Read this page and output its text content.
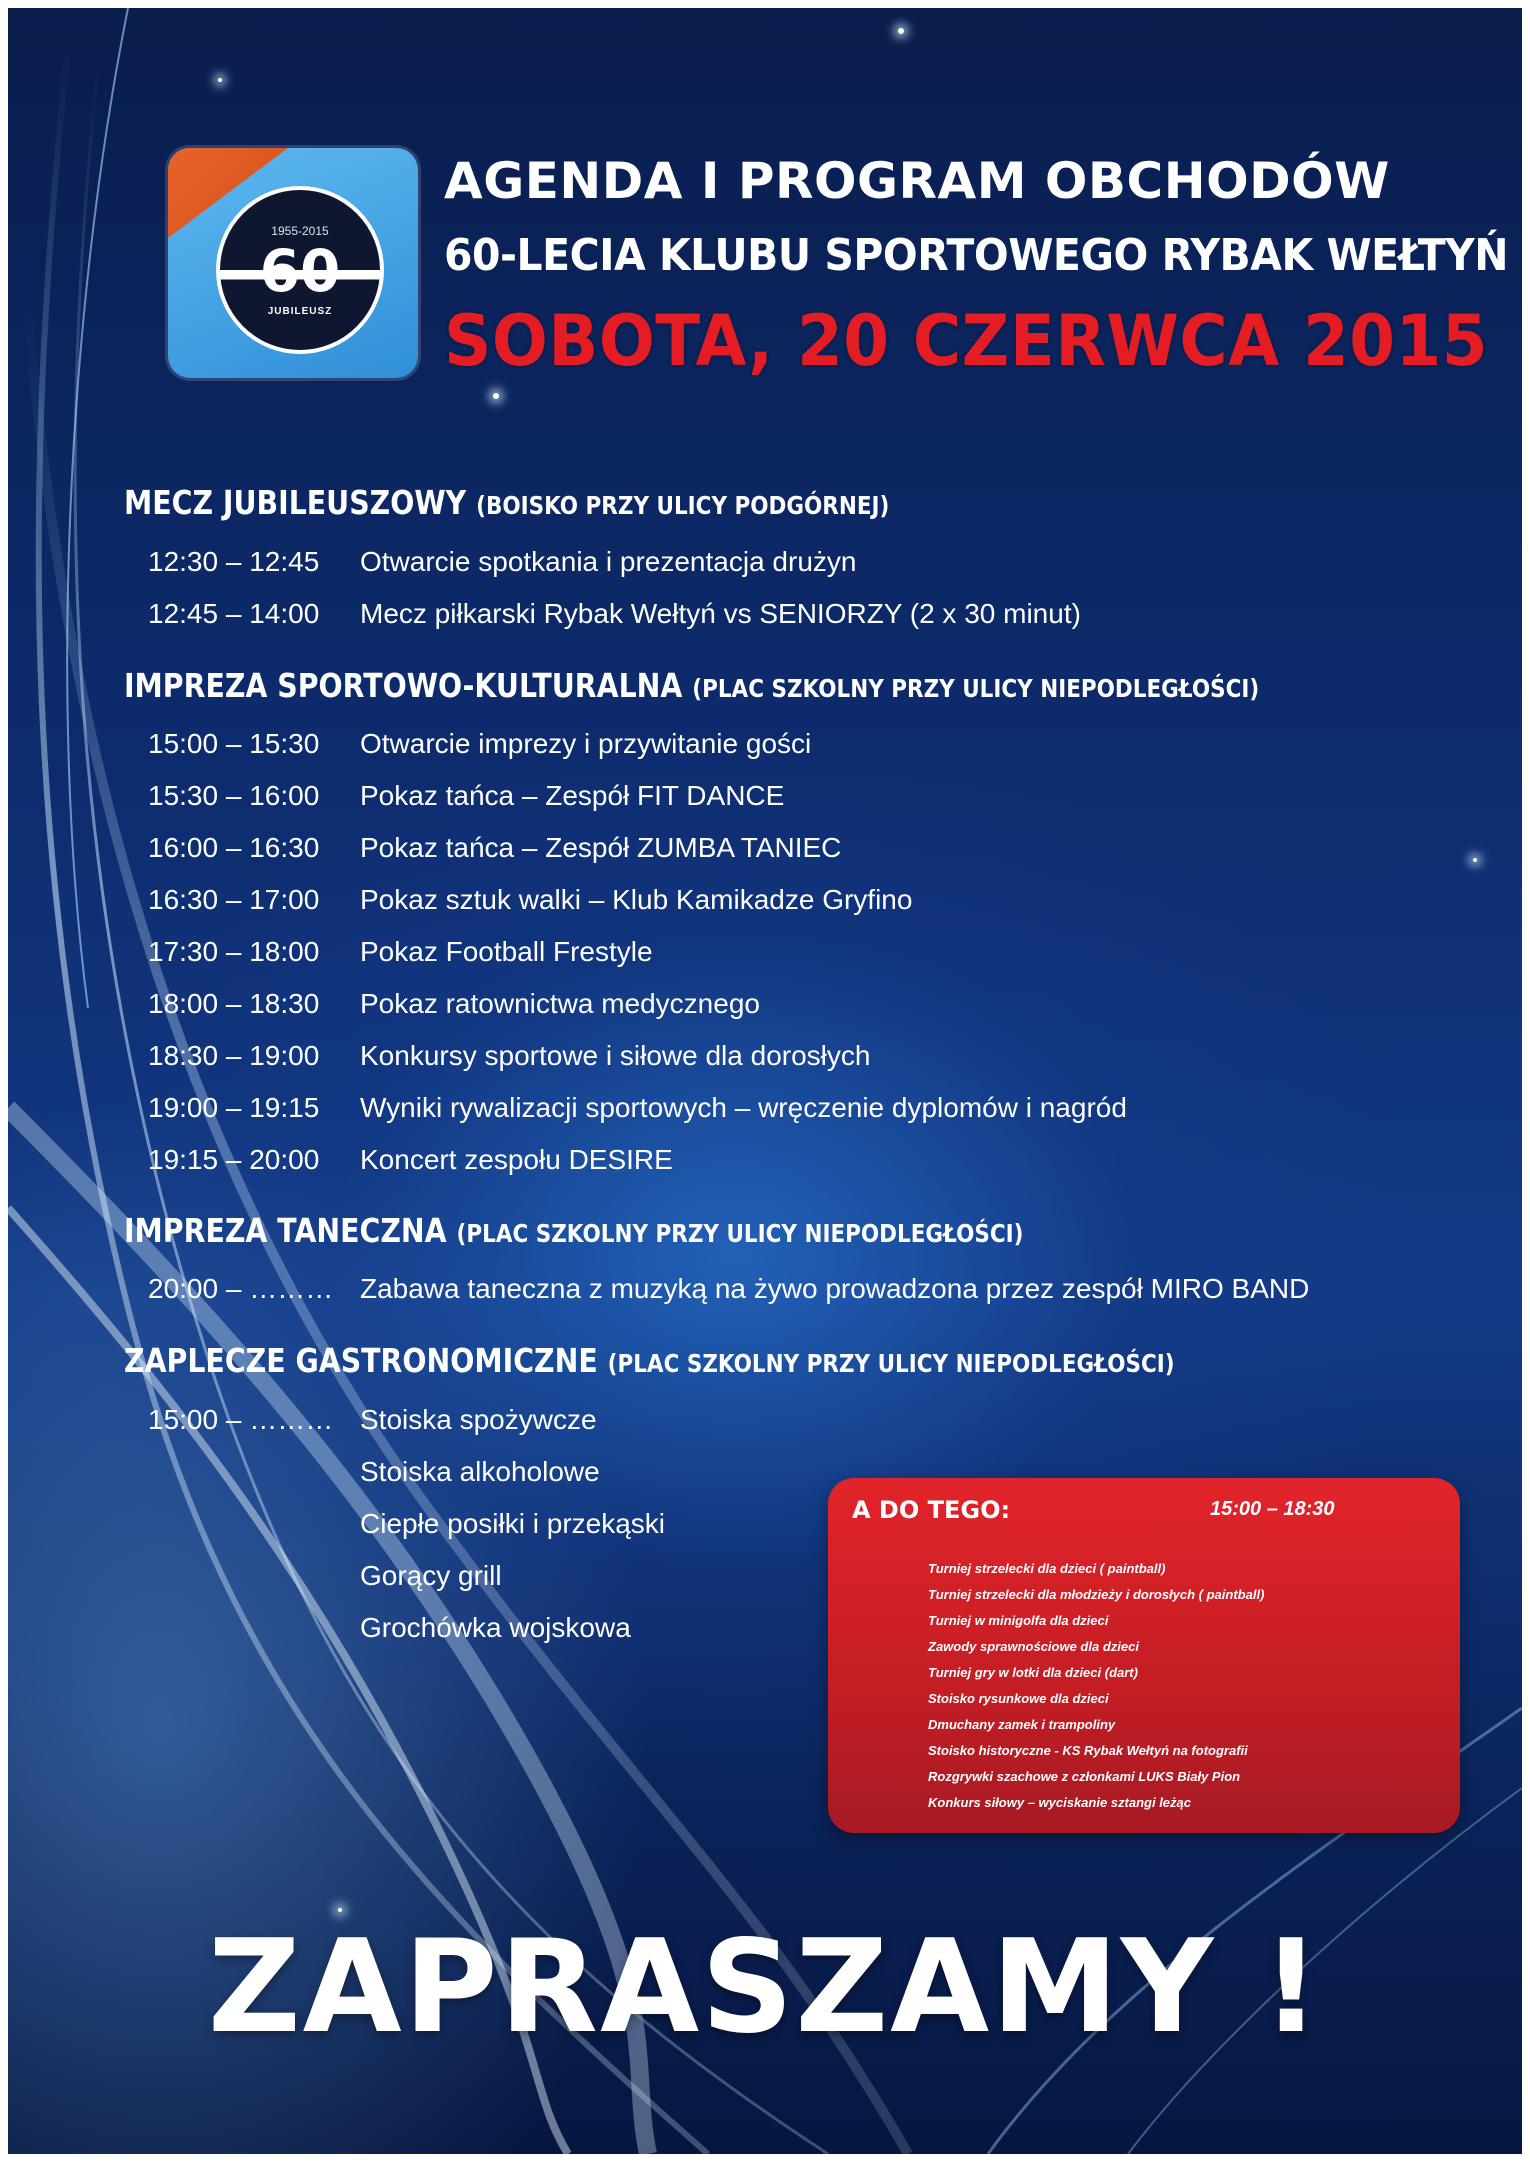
1955-2015
60
JUBILEUSZ
AGENDA I PROGRAM OBCHODÓW
60-LECIA KLUBU SPORTOWEGO RYBAK WEŁTYŃ
SOBOTA, 20 CZERWCA 2015
MECZ JUBILEUSZOWY (BOISKO PRZY ULICY PODGÓRNEJ)
12:30 – 12:45 Otwarcie spotkania i prezentacja drużyn
12:45 – 14:00 Mecz piłkarski Rybak Wełtyń vs SENIORZY (2 x 30 minut)
IMPREZA SPORTOWO-KULTURALNA (PLAC SZKOLNY PRZY ULICY NIEPODLEGŁOŚCI)
15:00 – 15:30 Otwarcie imprezy i przywitanie gości
15:30 – 16:00 Pokaz tańca – Zespół FIT DANCE
16:00 – 16:30 Pokaz tańca – Zespół ZUMBA TANIEC
16:30 – 17:00 Pokaz sztuk walki – Klub Kamikadze Gryfino
17:30 – 18:00 Pokaz Football Frestyle
18:00 – 18:30 Pokaz ratownictwa medycznego
18:30 – 19:00 Konkursy sportowe i siłowe dla dorosłych
19:00 – 19:15 Wyniki rywalizacji sportowych – wręczenie dyplomów i nagród
19:15 – 20:00 Koncert zespołu DESIRE
IMPREZA TANECZNA (PLAC SZKOLNY PRZY ULICY NIEPODLEGŁOŚCI)
20:00 – ……… Zabawa taneczna z muzyką na żywo prowadzona przez zespół MIRO BAND
ZAPLECZE GASTRONOMICZNE (PLAC SZKOLNY PRZY ULICY NIEPODLEGŁOŚCI)
15:00 – ……… Stoiska spożywcze
Stoiska alkoholowe
Ciepłe posiłki i przekąski
Gorący grill
Grochówka wojskowa
A DO TEGO:	15:00 – 18:30
Turniej strzelecki dla dzieci ( paintball)
Turniej strzelecki dla młodzieży i dorosłych ( paintball)
Turniej w minigolfa dla dzieci
Zawody sprawnościowe dla dzieci
Turniej gry w lotki dla dzieci (dart)
Stoisko rysunkowe dla dzieci
Dmuchany zamek i trampoliny
Stoisko historyczne - KS Rybak Wełtyń na fotografii
Rozgrywki szachowe z członkami LUKS Biały Pion
Konkurs siłowy – wyciskanie sztangi leżąc
ZAPRASZAMY !
